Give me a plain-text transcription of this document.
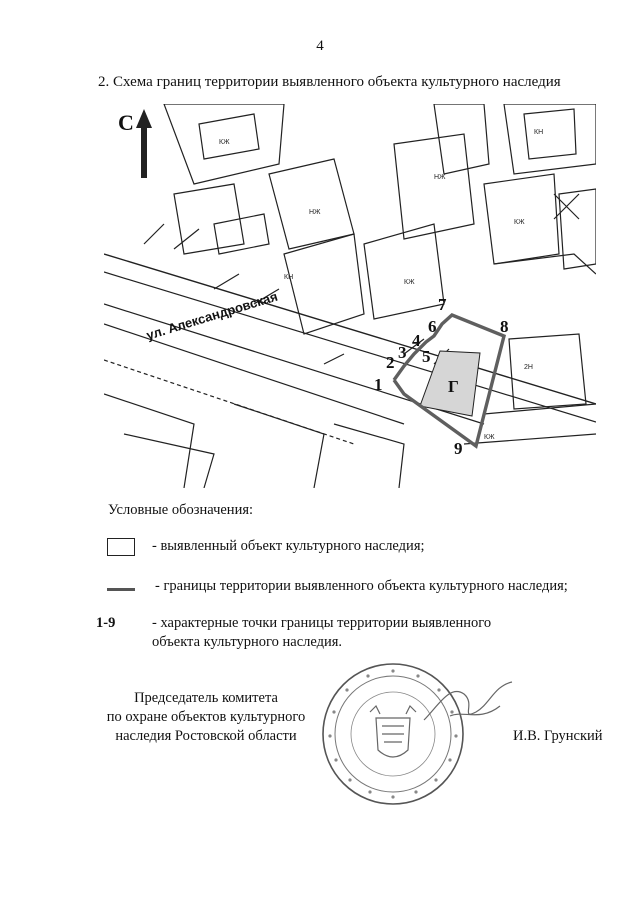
4
2. Схема границ территории выявленного объекта культурного наследия
С
ул. Александровская
КЖ
НЖ
КН
КЖ
НЖ
КН
КЖ
2Н
КЖ
Г
1
2
3
4
5
6
7
8
9
Условные обозначения:
- выявленный объект культурного наследия;
- границы территории выявленного объекта культурного наследия;
1-9	- характерные точки границы территории выявленного
объекта культурного наследия.
Председатель комитета
по охране объектов культурного
наследия Ростовской области	И.В. Грунский
